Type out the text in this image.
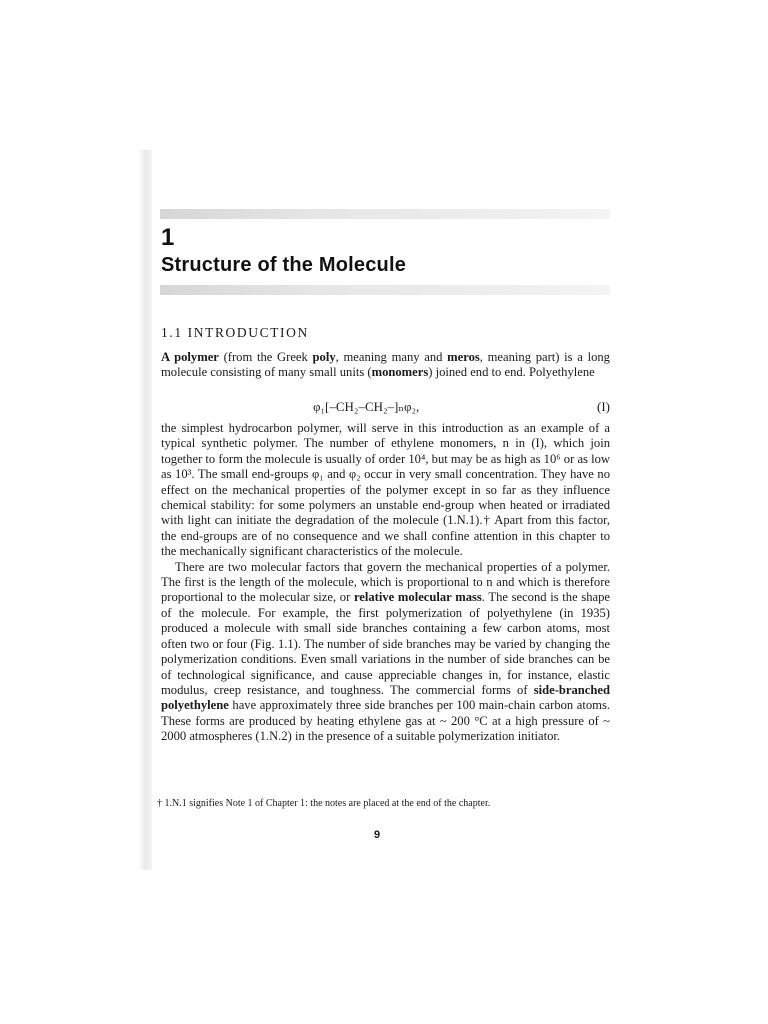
1
Structure of the Molecule
1.1 INTRODUCTION

A polymer (from the Greek poly, meaning many and meros, meaning part) is a long molecule consisting of many small units (monomers) joined end to end. Polyethylene

φ₁[–CH₂–CH₂–]ₙφ₂,	(I)

the simplest hydrocarbon polymer, will serve in this introduction as an example of a typical synthetic polymer. The number of ethylene monomers, n in (I), which join together to form the molecule is usually of order 10⁴, but may be as high as 10⁶ or as low as 10³. The small end-groups φ₁ and φ₂ occur in very small concentration. They have no effect on the mechanical properties of the polymer except in so far as they influence chemical stability: for some polymers an unstable end-group when heated or irradiated with light can initiate the degradation of the molecule (1.N.1).† Apart from this factor, the end-groups are of no consequence and we shall confine attention in this chapter to the mechanically significant characteristics of the molecule.

There are two molecular factors that govern the mechanical properties of a polymer. The first is the length of the molecule, which is proportional to n and which is therefore proportional to the molecular size, or relative molecular mass. The second is the shape of the molecule. For example, the first polymerization of polyethylene (in 1935) produced a molecule with small side branches containing a few carbon atoms, most often two or four (Fig. 1.1). The number of side branches may be varied by changing the polymerization conditions. Even small variations in the number of side branches can be of technological significance, and cause appreciable changes in, for instance, elastic modulus, creep resistance, and toughness. The commercial forms of side-branched polyethylene have approximately three side branches per 100 main-chain carbon atoms. These forms are produced by heating ethylene gas at ~ 200 °C at a high pressure of ~ 2000 atmospheres (1.N.2) in the presence of a suitable polymerization initiator.

† 1.N.1 signifies Note 1 of Chapter 1: the notes are placed at the end of the chapter.
9
